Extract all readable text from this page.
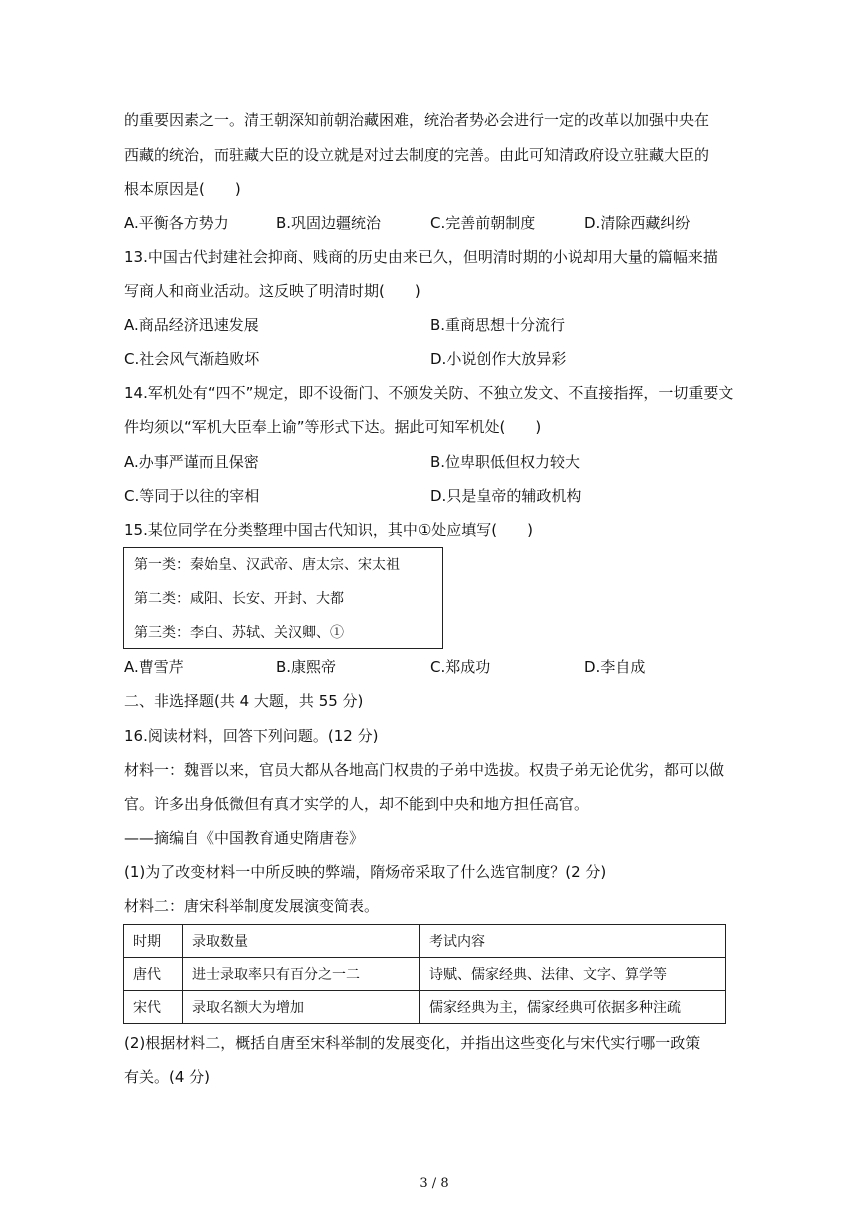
的重要因素之一。清王朝深知前朝治藏困难，统治者势必会进行一定的改革以加强中央在
西藏的统治，而驻藏大臣的设立就是对过去制度的完善。由此可知清政府设立驻藏大臣的
根本原因是(　　)
A.平衡各方势力	B.巩固边疆统治	C.完善前朝制度	D.清除西藏纠纷
13.中国古代封建社会抑商、贱商的历史由来已久，但明清时期的小说却用大量的篇幅来描
写商人和商业活动。这反映了明清时期(　　)
A.商品经济迅速发展	B.重商思想十分流行
C.社会风气渐趋败坏	D.小说创作大放异彩
14.军机处有“四不”规定，即不设衙门、不颁发关防、不独立发文、不直接指挥，一切重要文
件均须以“军机大臣奉上谕”等形式下达。据此可知军机处(　　)
A.办事严谨而且保密	B.位卑职低但权力较大
C.等同于以往的宰相	D.只是皇帝的辅政机构
15.某位同学在分类整理中国古代知识，其中①处应填写(　　)
第一类：秦始皇、汉武帝、唐太宗、宋太祖
第二类：咸阳、长安、开封、大都
第三类：李白、苏轼、关汉卿、①
A.曹雪芹	B.康熙帝	C.郑成功	D.李自成
二、非选择题(共 4 大题，共 55 分)
16.阅读材料，回答下列问题。(12 分)
材料一：魏晋以来，官员大都从各地高门权贵的子弟中选拔。权贵子弟无论优劣，都可以做
官。许多出身低微但有真才实学的人，却不能到中央和地方担任高官。
——摘编自《中国教育通史隋唐卷》
(1)为了改变材料一中所反映的弊端，隋炀帝采取了什么选官制度？(2 分)
材料二：唐宋科举制度发展演变简表。
时期	录取数量	考试内容
唐代	进士录取率只有百分之一二	诗赋、儒家经典、法律、文字、算学等
宋代	录取名额大为增加	儒家经典为主，儒家经典可依据多种注疏
(2)根据材料二，概括自唐至宋科举制的发展变化，并指出这些变化与宋代实行哪一政策
有关。(4 分)
3 / 8
